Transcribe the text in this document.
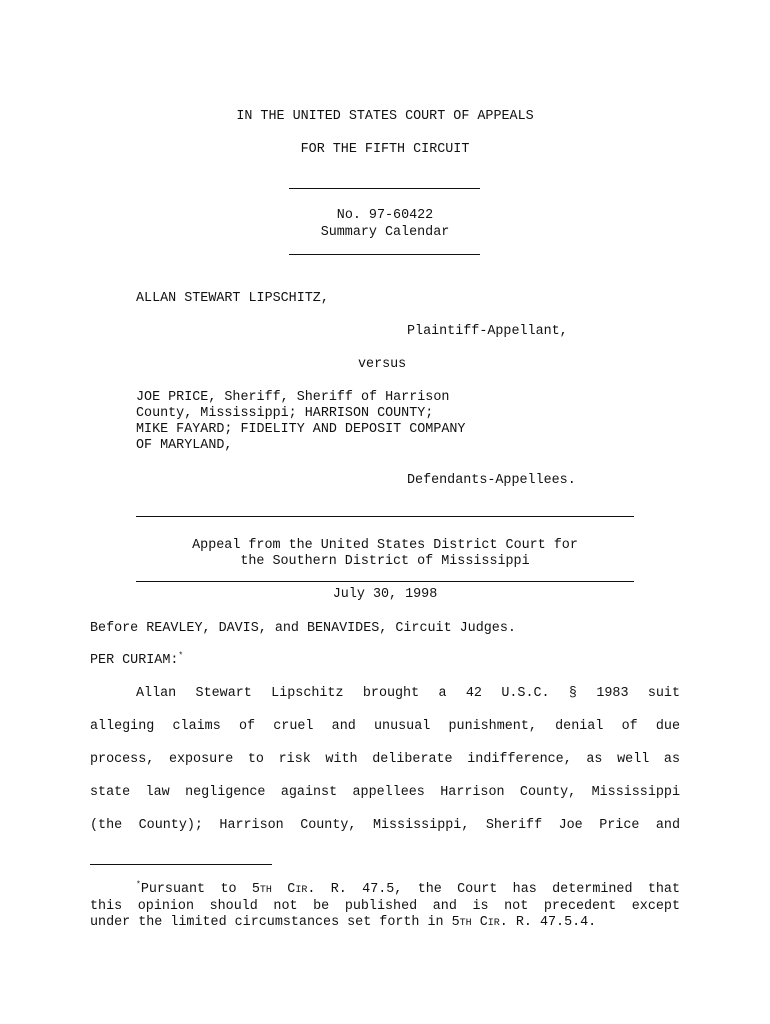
IN THE UNITED STATES COURT OF APPEALS
FOR THE FIFTH CIRCUIT
No. 97-60422
Summary Calendar
ALLAN STEWART LIPSCHITZ,
Plaintiff-Appellant,
versus
JOE PRICE, Sheriff, Sheriff of Harrison
County, Mississippi; HARRISON COUNTY;
MIKE FAYARD; FIDELITY AND DEPOSIT COMPANY
OF MARYLAND,
Defendants-Appellees.
Appeal from the United States District Court for
the Southern District of Mississippi
July 30, 1998
Before REAVLEY, DAVIS, and BENAVIDES, Circuit Judges.
PER CURIAM:*
Allan Stewart Lipschitz brought a 42 U.S.C. § 1983 suit
alleging claims of cruel and unusual punishment, denial of due
process, exposure to risk with deliberate indifference, as well as
state law negligence against appellees Harrison County, Mississippi
(the County); Harrison County, Mississippi, Sheriff Joe Price and
*Pursuant to 5TH CIR. R. 47.5, the Court has determined that
this opinion should not be published and is not precedent except
under the limited circumstances set forth in 5TH CIR. R. 47.5.4.
